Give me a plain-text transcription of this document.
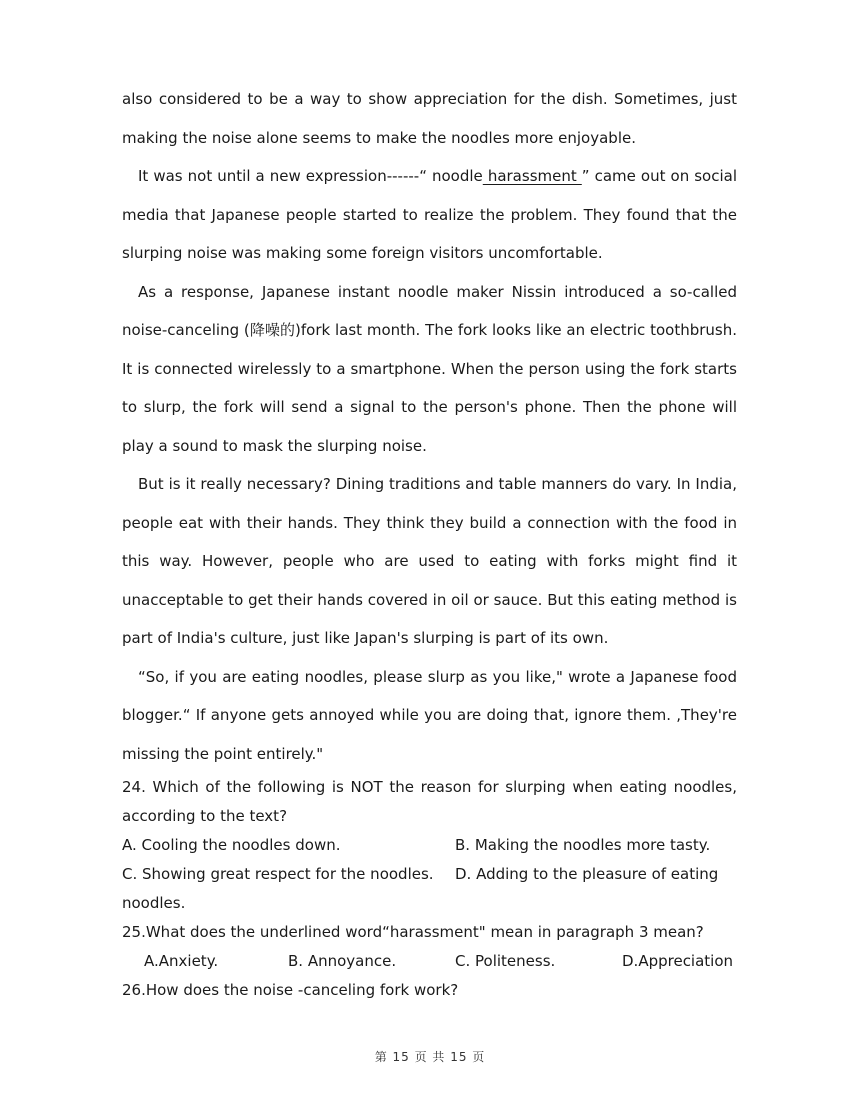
also considered to be a way to show appreciation for the dish. Sometimes, just making the noise alone seems to make the noodles more enjoyable.

It was not until a new expression------“ noodle harassment ” came out on social media that Japanese people started to realize the problem. They found that the slurping noise was making some foreign visitors uncomfortable.

As a response, Japanese instant noodle maker Nissin introduced a so-called noise-canceling (降噪的)fork last month. The fork looks like an electric toothbrush. It is connected wirelessly to a smartphone. When the person using the fork starts to slurp, the fork will send a signal to the person's phone. Then the phone will play a sound to mask the slurping noise.

But is it really necessary? Dining traditions and table manners do vary. In India, people eat with their hands. They think they build a connection with the food in this way. However, people who are used to eating with forks might find it unacceptable to get their hands covered in oil or sauce. But this eating method is part of India's culture, just like Japan's slurping is part of its own.

“So, if you are eating noodles, please slurp as you like," wrote a Japanese food blogger.“ If anyone gets annoyed while you are doing that, ignore them. ,They're missing the point entirely."

24. Which of the following is NOT the reason for slurping when eating noodles, according to the text?

A. Cooling the noodles down.	B. Making the noodles more tasty.
C. Showing great respect for the noodles.	D. Adding to the pleasure of eating

noodles.

25.What does the underlined word“harassment" mean in paragraph 3 mean?

A.Anxiety.	B. Annoyance.	C. Politeness.	D.Appreciation

26.How does the noise -canceling fork work?

第 15 页 共 15 页
